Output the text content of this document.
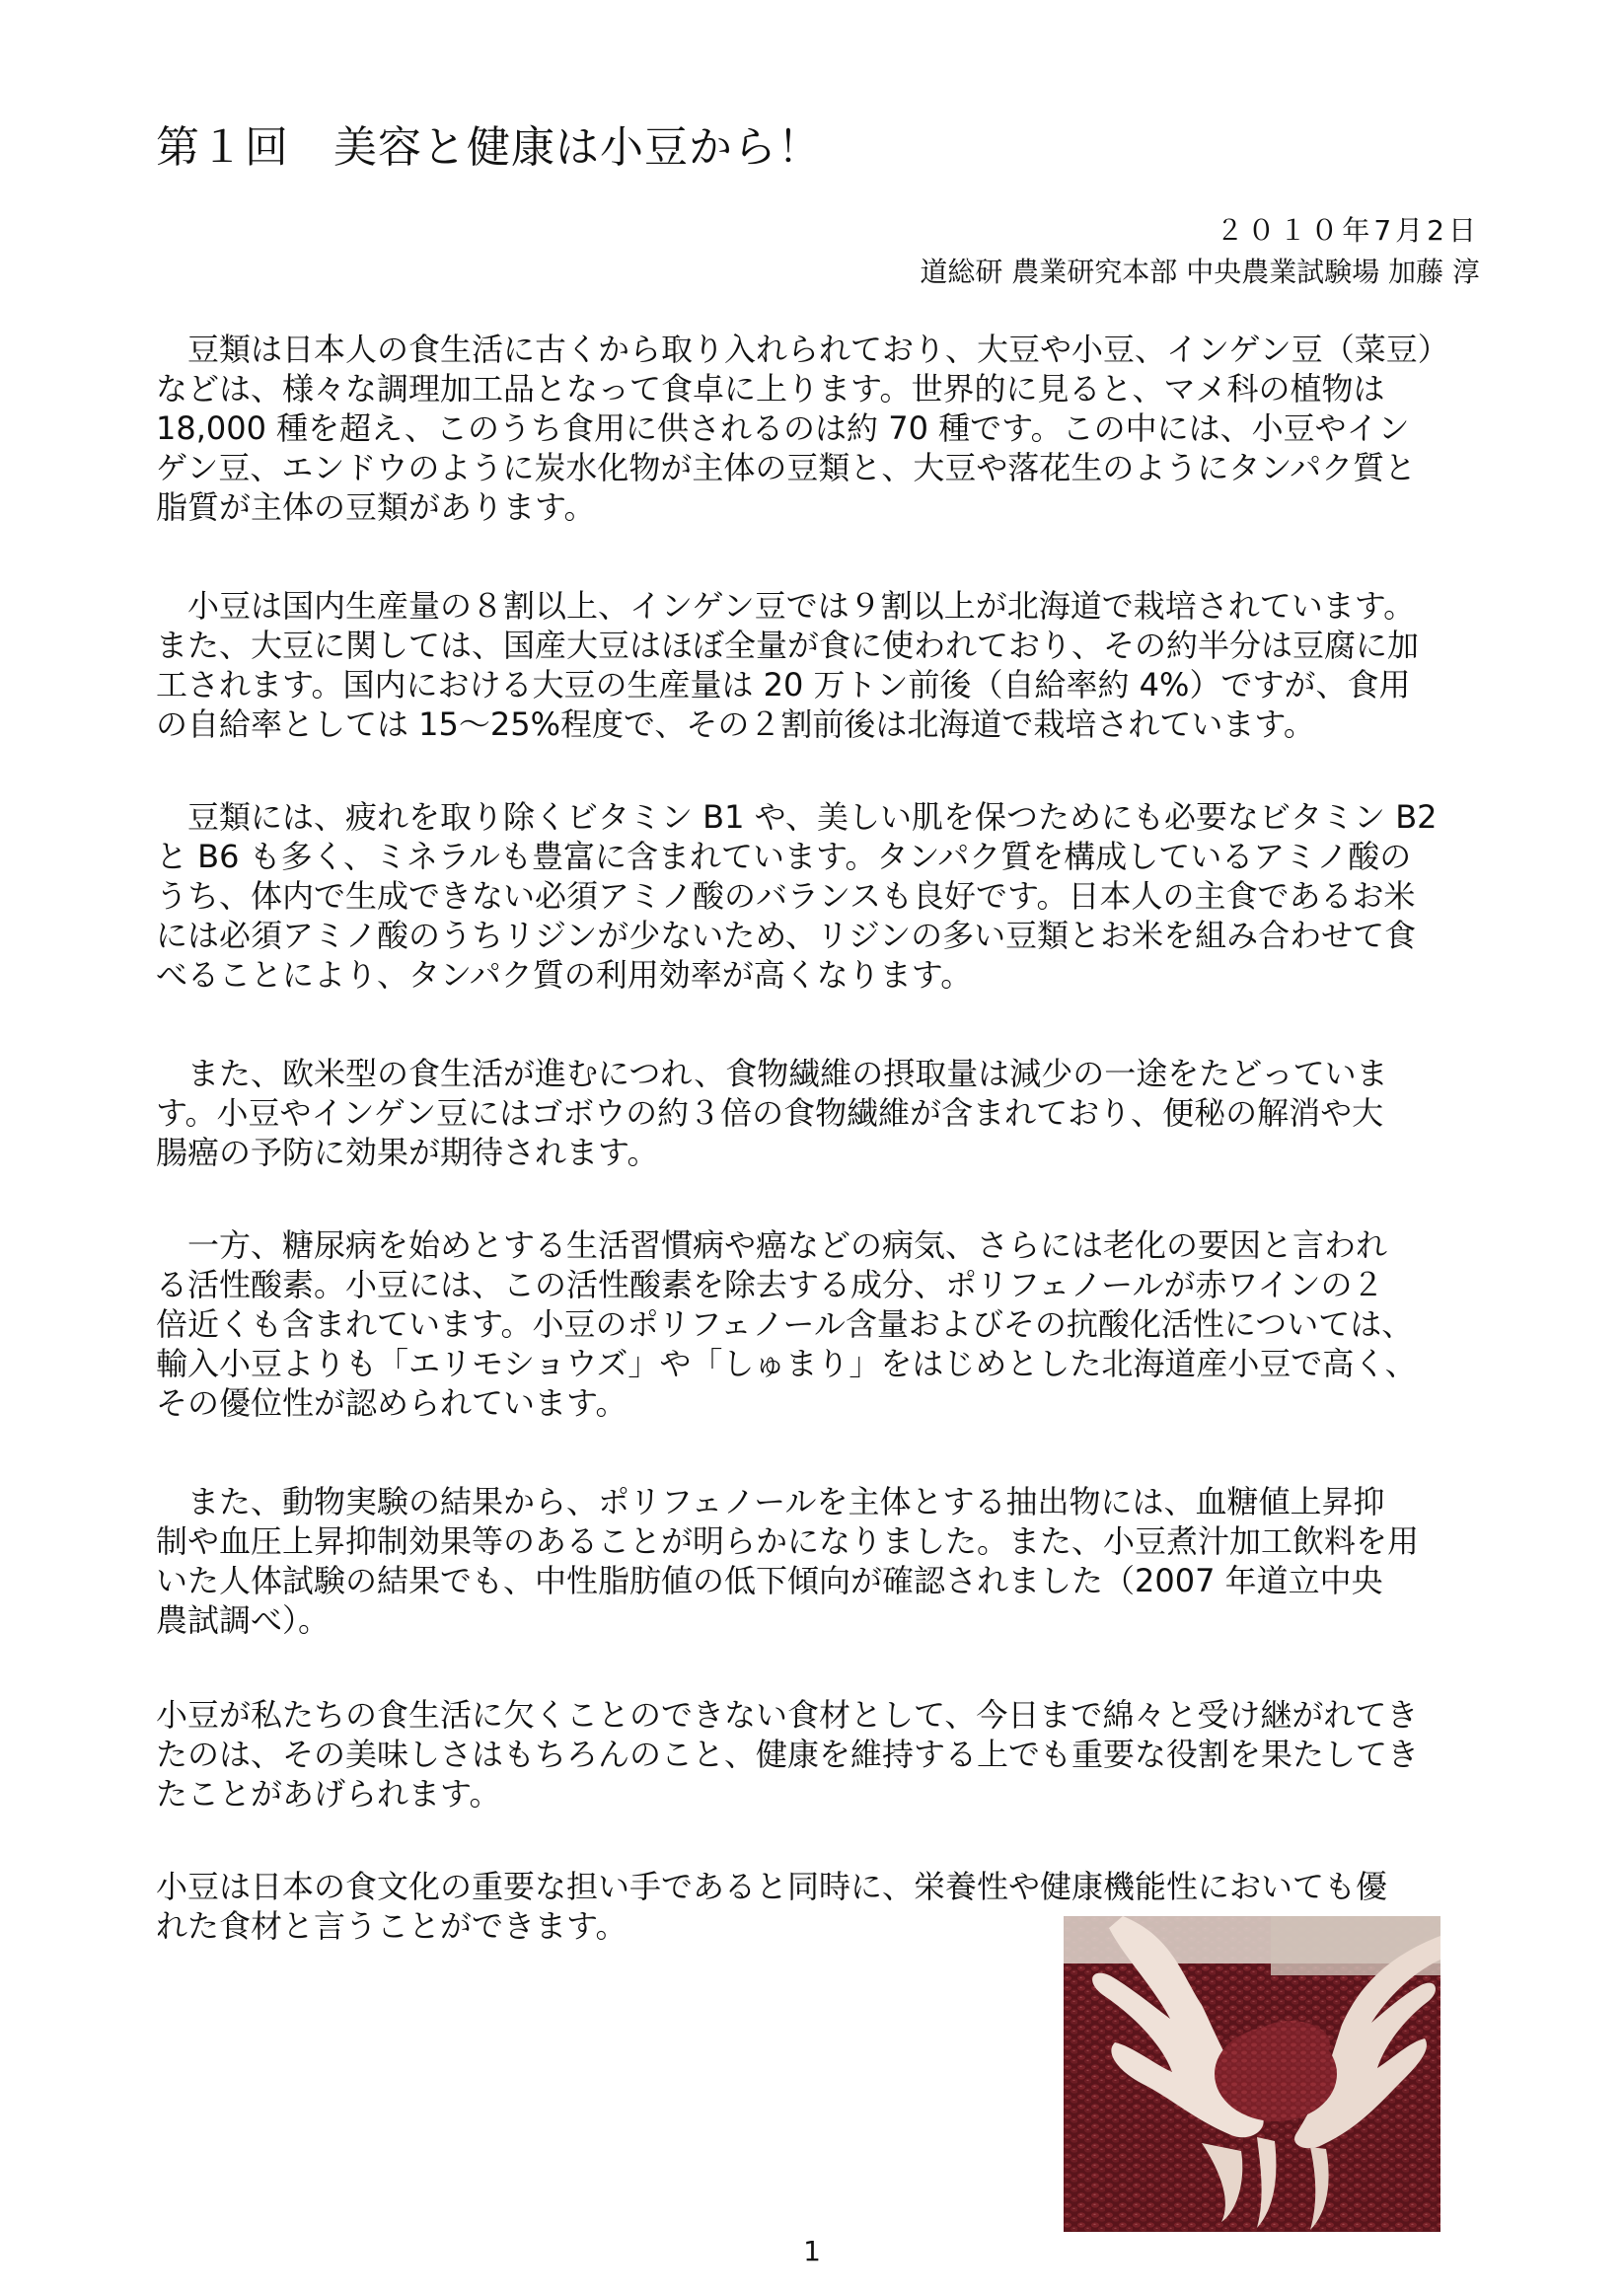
第１回　美容と健康は小豆から！
２０１０年7月2日
道総研 農業研究本部 中央農業試験場 加藤 淳
　豆類は日本人の食生活に古くから取り入れられており、大豆や小豆、インゲン豆（菜豆）
などは、様々な調理加工品となって食卓に上ります。世界的に見ると、マメ科の植物は
18,000 種を超え、このうち食用に供されるのは約 70 種です。この中には、小豆やイン
ゲン豆、エンドウのように炭水化物が主体の豆類と、大豆や落花生のようにタンパク質と
脂質が主体の豆類があります。
　小豆は国内生産量の８割以上、インゲン豆では９割以上が北海道で栽培されています。
また、大豆に関しては、国産大豆はほぼ全量が食に使われており、その約半分は豆腐に加
工されます。国内における大豆の生産量は 20 万トン前後（自給率約 4%）ですが、食用
の自給率としては 15～25%程度で、その２割前後は北海道で栽培されています。
　豆類には、疲れを取り除くビタミン B1 や、美しい肌を保つためにも必要なビタミン B2
と B6 も多く、ミネラルも豊富に含まれています。タンパク質を構成しているアミノ酸の
うち、体内で生成できない必須アミノ酸のバランスも良好です。日本人の主食であるお米
には必須アミノ酸のうちリジンが少ないため、リジンの多い豆類とお米を組み合わせて食
べることにより、タンパク質の利用効率が高くなります。
　また、欧米型の食生活が進むにつれ、食物繊維の摂取量は減少の一途をたどっていま
す。小豆やインゲン豆にはゴボウの約３倍の食物繊維が含まれており、便秘の解消や大
腸癌の予防に効果が期待されます。
　一方、糖尿病を始めとする生活習慣病や癌などの病気、さらには老化の要因と言われ
る活性酸素。小豆には、この活性酸素を除去する成分、ポリフェノールが赤ワインの２
倍近くも含まれています。小豆のポリフェノール含量およびその抗酸化活性については、
輸入小豆よりも「エリモショウズ」や「しゅまり」をはじめとした北海道産小豆で高く、
その優位性が認められています。
　また、動物実験の結果から、ポリフェノールを主体とする抽出物には、血糖値上昇抑
制や血圧上昇抑制効果等のあることが明らかになりました。また、小豆煮汁加工飲料を用
いた人体試験の結果でも、中性脂肪値の低下傾向が確認されました（2007 年道立中央
農試調べ）。
小豆が私たちの食生活に欠くことのできない食材として、今日まで綿々と受け継がれてき
たのは、その美味しさはもちろんのこと、健康を維持する上でも重要な役割を果たしてき
たことがあげられます。
小豆は日本の食文化の重要な担い手であると同時に、栄養性や健康機能性においても優
れた食材と言うことができます。
1
